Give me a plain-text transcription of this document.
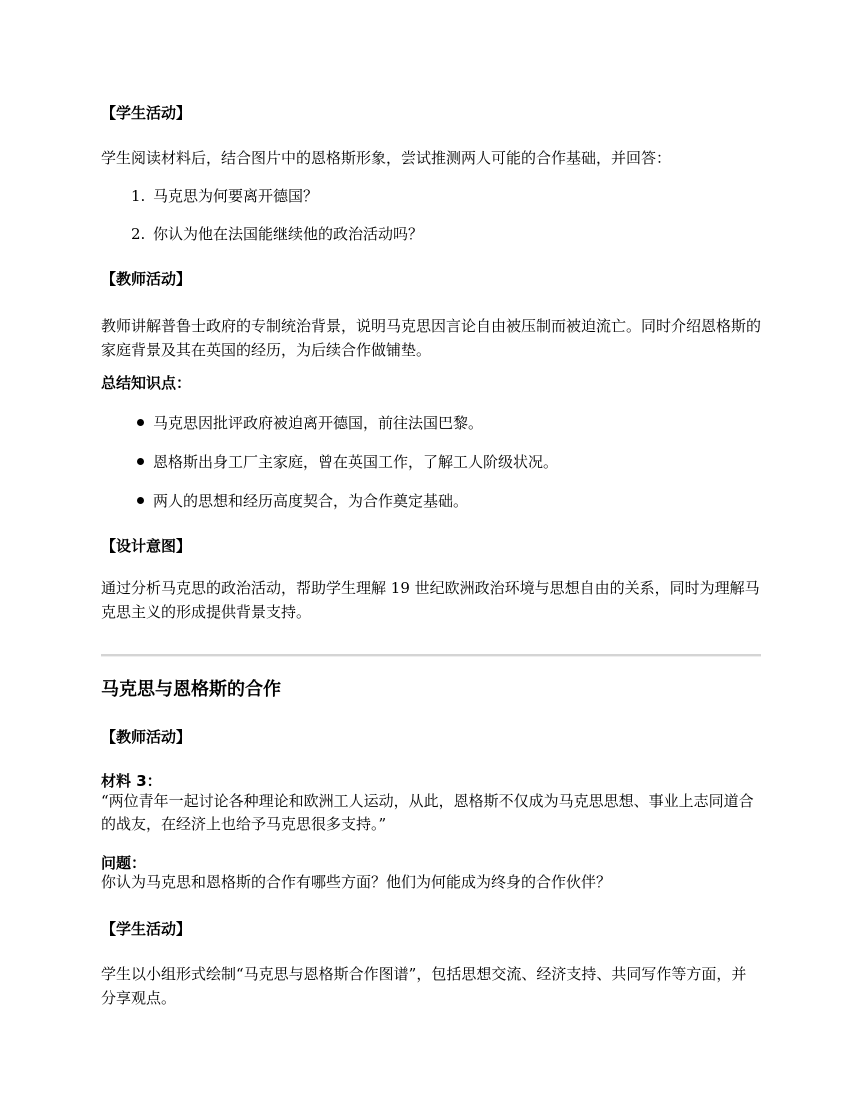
【学生活动】
学生阅读材料后，结合图片中的恩格斯形象，尝试推测两人可能的合作基础，并回答：
1. 马克思为何要离开德国？
2. 你认为他在法国能继续他的政治活动吗？
【教师活动】
教师讲解普鲁士政府的专制统治背景，说明马克思因言论自由被压制而被迫流亡。同时介绍恩格斯的家庭背景及其在英国的经历，为后续合作做铺垫。
总结知识点：
马克思因批评政府被迫离开德国，前往法国巴黎。
恩格斯出身工厂主家庭，曾在英国工作，了解工人阶级状况。
两人的思想和经历高度契合，为合作奠定基础。
【设计意图】
通过分析马克思的政治活动，帮助学生理解 19 世纪欧洲政治环境与思想自由的关系，同时为理解马克思主义的形成提供背景支持。
马克思与恩格斯的合作
【教师活动】
材料 3：
“两位青年一起讨论各种理论和欧洲工人运动，从此，恩格斯不仅成为马克思思想、事业上志同道合的战友，在经济上也给予马克思很多支持。”
问题：
你认为马克思和恩格斯的合作有哪些方面？他们为何能成为终身的合作伙伴？
【学生活动】
学生以小组形式绘制“马克思与恩格斯合作图谱”，包括思想交流、经济支持、共同写作等方面，并分享观点。
